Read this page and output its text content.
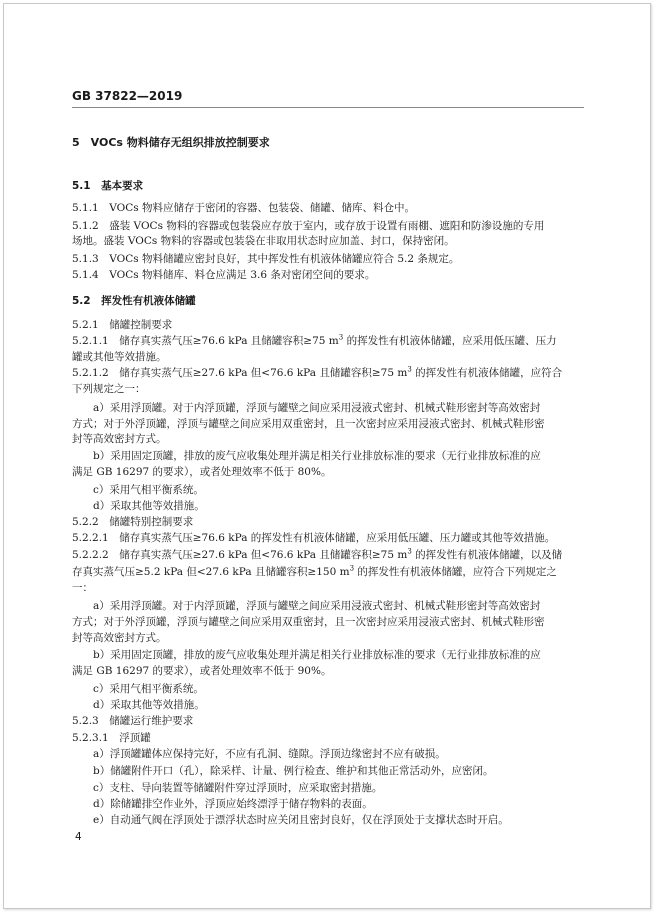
GB 37822—2019
5 VOCs 物料储存无组织排放控制要求
5.1 基本要求
5.1.1 VOCs 物料应储存于密闭的容器、包装袋、储罐、储库、料仓中。
5.1.2 盛装 VOCs 物料的容器或包装袋应存放于室内，或存放于设置有雨棚、遮阳和防渗设施的专用
场地。盛装 VOCs 物料的容器或包装袋在非取用状态时应加盖、封口，保持密闭。
5.1.3 VOCs 物料储罐应密封良好，其中挥发性有机液体储罐应符合 5.2 条规定。
5.1.4 VOCs 物料储库、料仓应满足 3.6 条对密闭空间的要求。
5.2 挥发性有机液体储罐
5.2.1 储罐控制要求
5.2.1.1 储存真实蒸气压≥76.6 kPa 且储罐容积≥75 $m^3$ 的挥发性有机液体储罐，应采用低压罐、压力
罐或其他等效措施。
5.2.1.2 储存真实蒸气压≥27.6 kPa 但<76.6 kPa 且储罐容积≥75 $m^3$ 的挥发性有机液体储罐，应符合
下列规定之一：
a）采用浮顶罐。对于内浮顶罐，浮顶与罐壁之间应采用浸液式密封、机械式鞋形密封等高效密封
方式；对于外浮顶罐，浮顶与罐壁之间应采用双重密封，且一次密封应采用浸液式密封、机械式鞋形密
封等高效密封方式。
b）采用固定顶罐，排放的废气应收集处理并满足相关行业排放标准的要求（无行业排放标准的应
满足 GB 16297 的要求），或者处理效率不低于 80%。
c）采用气相平衡系统。
d）采取其他等效措施。
5.2.2 储罐特别控制要求
5.2.2.1 储存真实蒸气压≥76.6 kPa 的挥发性有机液体储罐，应采用低压罐、压力罐或其他等效措施。
5.2.2.2 储存真实蒸气压≥27.6 kPa 但<76.6 kPa 且储罐容积≥75 $m^3$ 的挥发性有机液体储罐，以及储
存真实蒸气压≥5.2 kPa 但<27.6 kPa 且储罐容积≥150 $m^3$ 的挥发性有机液体储罐，应符合下列规定之
一：
a）采用浮顶罐。对于内浮顶罐，浮顶与罐壁之间应采用浸液式密封、机械式鞋形密封等高效密封
方式；对于外浮顶罐，浮顶与罐壁之间应采用双重密封，且一次密封应采用浸液式密封、机械式鞋形密
封等高效密封方式。
b）采用固定顶罐，排放的废气应收集处理并满足相关行业排放标准的要求（无行业排放标准的应
满足 GB 16297 的要求），或者处理效率不低于 90%。
c）采用气相平衡系统。
d）采取其他等效措施。
5.2.3 储罐运行维护要求
5.2.3.1 浮顶罐
a）浮顶罐罐体应保持完好，不应有孔洞、缝隙。浮顶边缘密封不应有破损。
b）储罐附件开口（孔），除采样、计量、例行检查、维护和其他正常活动外，应密闭。
c）支柱、导向装置等储罐附件穿过浮顶时，应采取密封措施。
d）除储罐排空作业外，浮顶应始终漂浮于储存物料的表面。
e）自动通气阀在浮顶处于漂浮状态时应关闭且密封良好，仅在浮顶处于支撑状态时开启。
4
